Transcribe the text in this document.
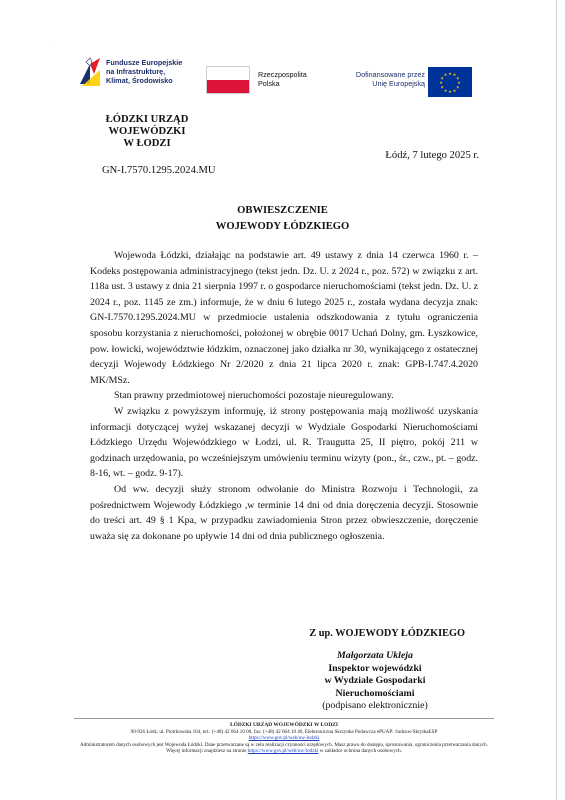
·
Fundusze Europejskie
na Infrastrukturę,
Klimat, Środowisko
Rzeczpospolita
Polska
Dofinansowane przez
Unię Europejską
★ ★
★
★
★
★
★
★
★
★
★
★
ŁÓDZKI URZĄD WOJEWÓDZKI
W ŁODZI
Łódź, 7 lutego 2025 r.
GN-I.7570.1295.2024.MU
OBWIESZCZENIE
WOJEWODY ŁÓDZKIEGO

Wojewoda Łódzki, działając na podstawie art. 49 ustawy z dnia 14 czerwca 1960 r. – Kodeks postępowania administracyjnego (tekst jedn. Dz. U. z 2024 r., poz. 572) w związku z art. 118a ust. 3 ustawy z dnia 21 sierpnia 1997 r. o gospodarce nieruchomościami (tekst jedn. Dz. U. z 2024 r., poz. 1145 ze zm.) informuje, że w dniu 6 lutego 2025 r., została wydana decyzja znak: GN-I.7570.1295.2024.MU w przedmiocie ustalenia odszkodowania z tytułu ograniczenia sposobu korzystania z nieruchomości, położonej w obrębie 0017 Uchań Dolny, gm. Łyszkowice, pow. łowicki, województwie łódzkim, oznaczonej jako działka nr 30, wynikającego z ostatecznej decyzji Wojewody Łódzkiego Nr 2/2020 z dnia 21 lipca 2020 r. znak: GPB-I.747.4.2020 MK/MSz.

Stan prawny przedmiotowej nieruchomości pozostaje nieuregulowany.

W związku z powyższym informuję, iż strony postępowania mają możliwość uzyskania informacji dotyczącej wyżej wskazanej decyzji w Wydziale Gospodarki Nieruchomościami Łódzkiego Urzędu Wojewódzkiego w Łodzi, ul. R. Traugutta 25, II piętro, pokój 211 w godzinach urzędowania, po wcześniejszym umówieniu terminu wizyty (pon., śr., czw., pt. – godz. 8-16, wt. – godz. 9-17).

Od ww. decyzji służy stronom odwołanie do Ministra Rozwoju i Technologii, za pośrednictwem Wojewody Łódzkiego ,w terminie 14 dni od dnia doręczenia decyzji. Stosownie do treści art. 49 § 1 Kpa, w przypadku zawiadomienia Stron przez obwieszczenie, doręczenie uważa się za dokonane po upływie 14 dni od dnia publicznego ogłoszenia.

Z up. WOJEWODY ŁÓDZKIEGO
Małgorzata Ukleja
Inspektor wojewódzki
w Wydziale Gospodarki
Nieruchomościami
(podpisano elektronicznie)
ŁÓDZKI URZĄD WOJEWÓDZKI W ŁODZI
90-926 Łódź, ul. Piotrkowska 104, tel.: (+48) 42 664 10 00, fax: (+48) 42 664 10 40, Elektroniczna Skrzynka Podawcza ePUAP: /lodzuw/SkrytkaESP
https://www.gov.pl/web/uw-lodzki
Administratorem danych osobowych jest Wojewoda Łódzki. Dane przetwarzane są w celu realizacji czynności urzędowych. Masz prawo do dostępu, sprostowania, ograniczenia przetwarzania danych. Więcej informacji znajdziesz na stronie https://www.gov.pl/web/uw-lodzki w zakładce ochrona danych osobowych.
